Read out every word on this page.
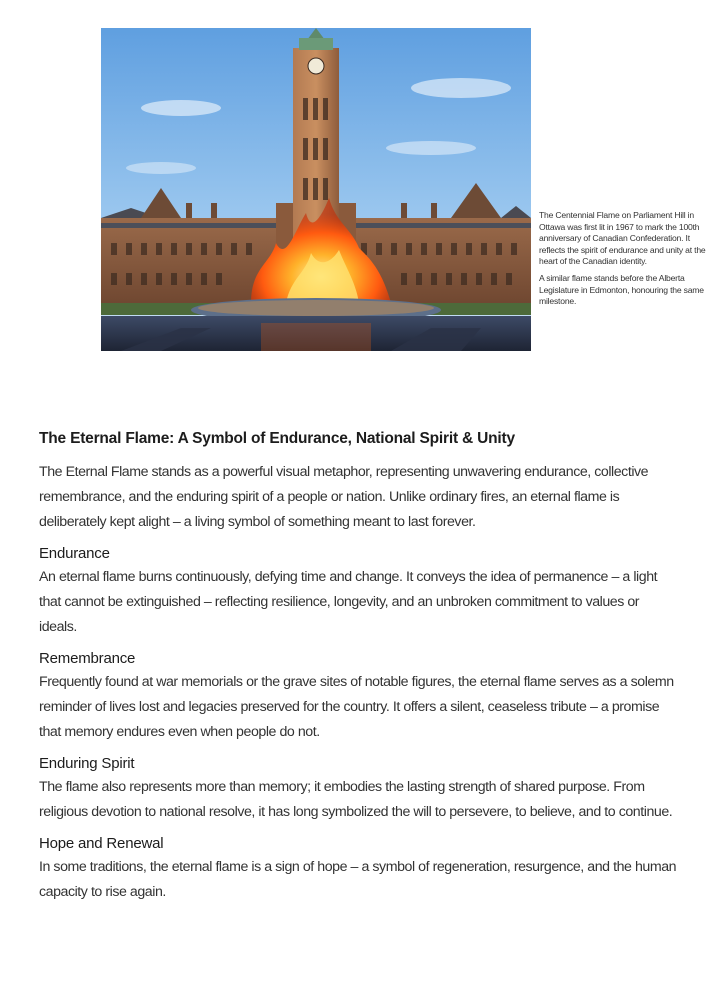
The Centennial Flame on Parliament Hill in Ottawa was first lit in 1967 to mark the 100th anniversary of Canadian Confederation. It reflects the spirit of endurance and unity at the heart of the Canadian identity.

A similar flame stands before the Alberta Legislature in Edmonton, honouring the same milestone.

The Eternal Flame: A Symbol of Endurance, National Spirit & Unity

The Eternal Flame stands as a powerful visual metaphor, representing unwavering endurance, collective remembrance, and the enduring spirit of a people or nation. Unlike ordinary fires, an eternal flame is deliberately kept alight – a living symbol of something meant to last forever.

Endurance

An eternal flame burns continuously, defying time and change. It conveys the idea of permanence – a light that cannot be extinguished – reflecting resilience, longevity, and an unbroken commitment to values or ideals.

Remembrance

Frequently found at war memorials or the grave sites of notable figures, the eternal flame serves as a solemn reminder of lives lost and legacies preserved for the country. It offers a silent, ceaseless tribute – a promise that memory endures even when people do not.

Enduring Spirit

The flame also represents more than memory; it embodies the lasting strength of shared purpose. From religious devotion to national resolve, it has long symbolized the will to persevere, to believe, and to continue.

Hope and Renewal

In some traditions, the eternal flame is a sign of hope – a symbol of regeneration, resurgence, and the human capacity to rise again.
